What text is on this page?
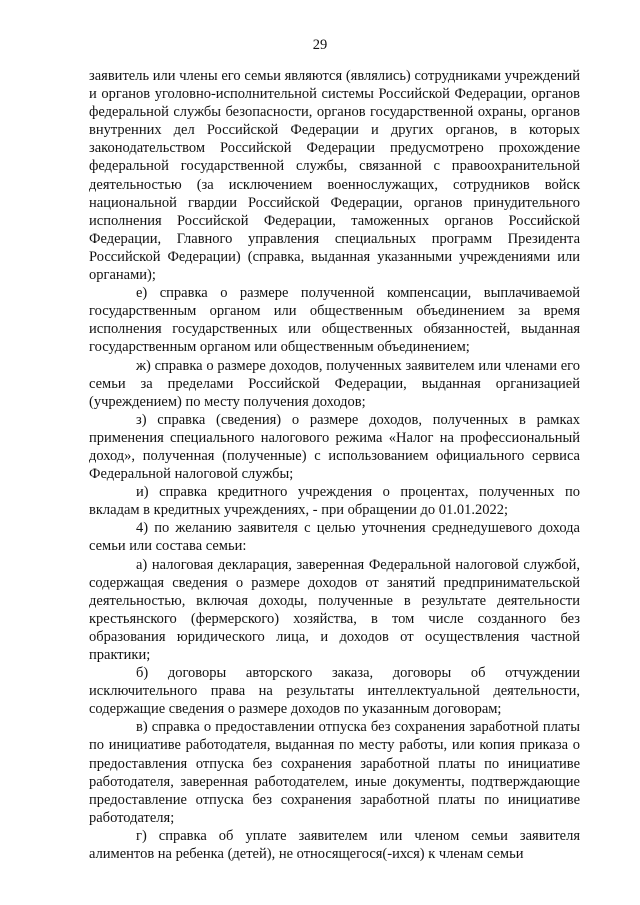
29

заявитель или члены его семьи являются (являлись) сотрудниками учреждений и органов уголовно-исполнительной системы Российской Федерации, органов федеральной службы безопасности, органов государственной охраны, органов внутренних дел Российской Федерации и других органов, в которых законодательством Российской Федерации предусмотрено прохождение федеральной государственной службы, связанной с правоохранительной деятельностью (за исключением военнослужащих, сотрудников войск национальной гвардии Российской Федерации, органов принудительного исполнения Российской Федерации, таможенных органов Российской Федерации, Главного управления специальных программ Президента Российской Федерации) (справка, выданная указанными учреждениями или органами);

е) справка о размере полученной компенсации, выплачиваемой государственным органом или общественным объединением за время исполнения государственных или общественных обязанностей, выданная государственным органом или общественным объединением;

ж) справка о размере доходов, полученных заявителем или членами его семьи за пределами Российской Федерации, выданная организацией (учреждением) по месту получения доходов;

з) справка (сведения) о размере доходов, полученных в рамках применения специального налогового режима «Налог на профессиональный доход», полученная (полученные) с использованием официального сервиса Федеральной налоговой службы;

и) справка кредитного учреждения о процентах, полученных по вкладам в кредитных учреждениях, - при обращении до 01.01.2022;

4) по желанию заявителя с целью уточнения среднедушевого дохода семьи или состава семьи:

а) налоговая декларация, заверенная Федеральной налоговой службой, содержащая сведения о размере доходов от занятий предпринимательской деятельностью, включая доходы, полученные в результате деятельности крестьянского (фермерского) хозяйства, в том числе созданного без образования юридического лица, и доходов от осуществления частной практики;

б) договоры авторского заказа, договоры об отчуждении исключительного права на результаты интеллектуальной деятельности, содержащие сведения о размере доходов по указанным договорам;

в) справка о предоставлении отпуска без сохранения заработной платы по инициативе работодателя, выданная по месту работы, или копия приказа о предоставления отпуска без сохранения заработной платы по инициативе работодателя, заверенная работодателем, иные документы, подтверждающие предоставление отпуска без сохранения заработной платы по инициативе работодателя;

г) справка об уплате заявителем или членом семьи заявителя алиментов на ребенка (детей), не относящегося(-ихся) к членам семьи
